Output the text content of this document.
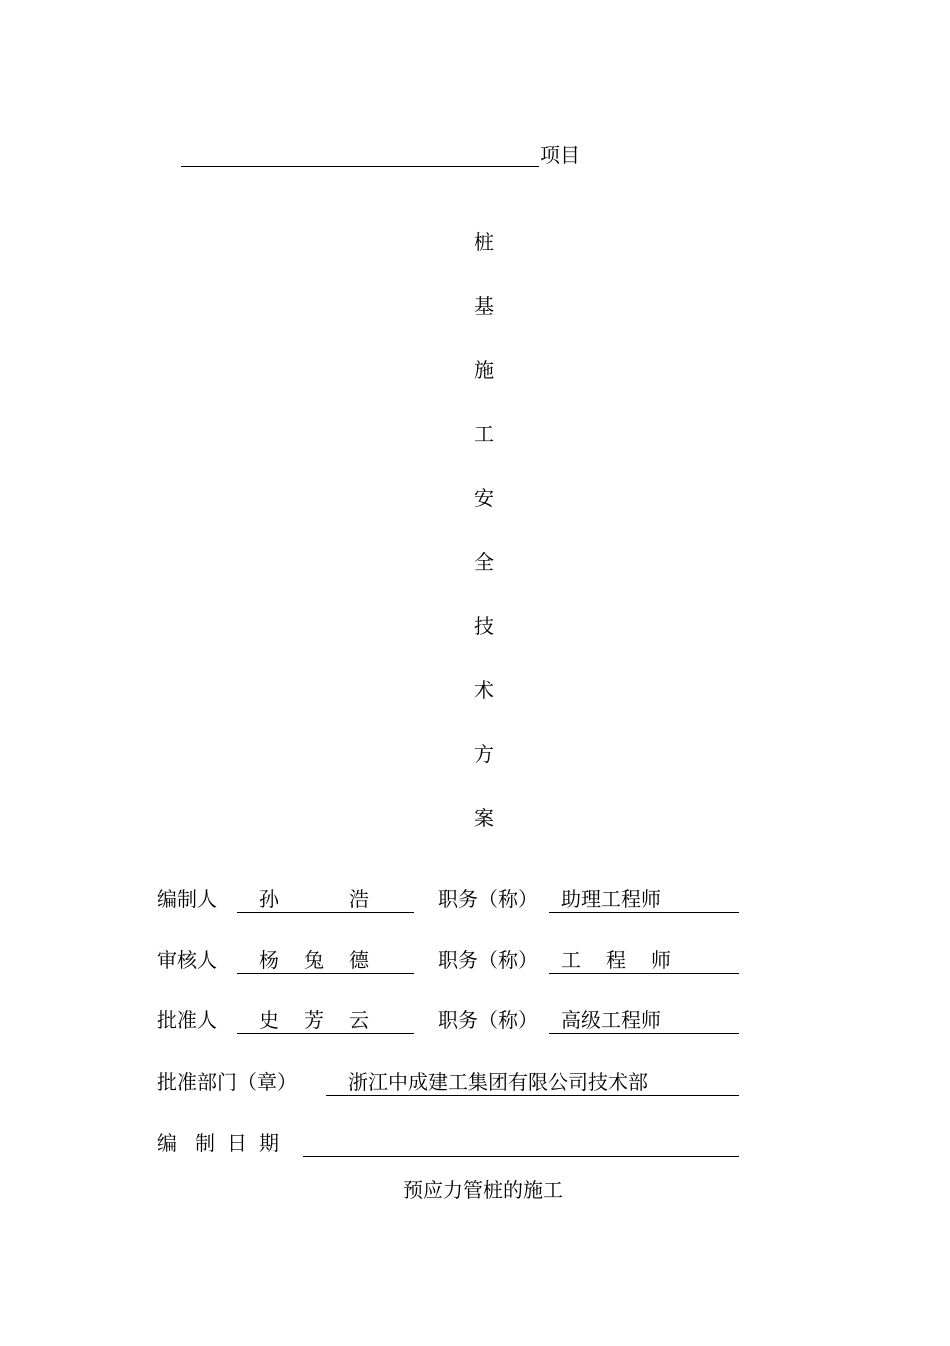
项目
桩
基
施
工
安
全
技
术
方
案
编制人 孙	浩	职务（称） 助理工程师
审核人 杨 兔 德	职务（称） 工 程 师
批准人 史 芳 云	职务（称） 高级工程师
批准部门（章）	浙江中成建工集团有限公司技术部
编 制 日 期
预应力管桩的施工
